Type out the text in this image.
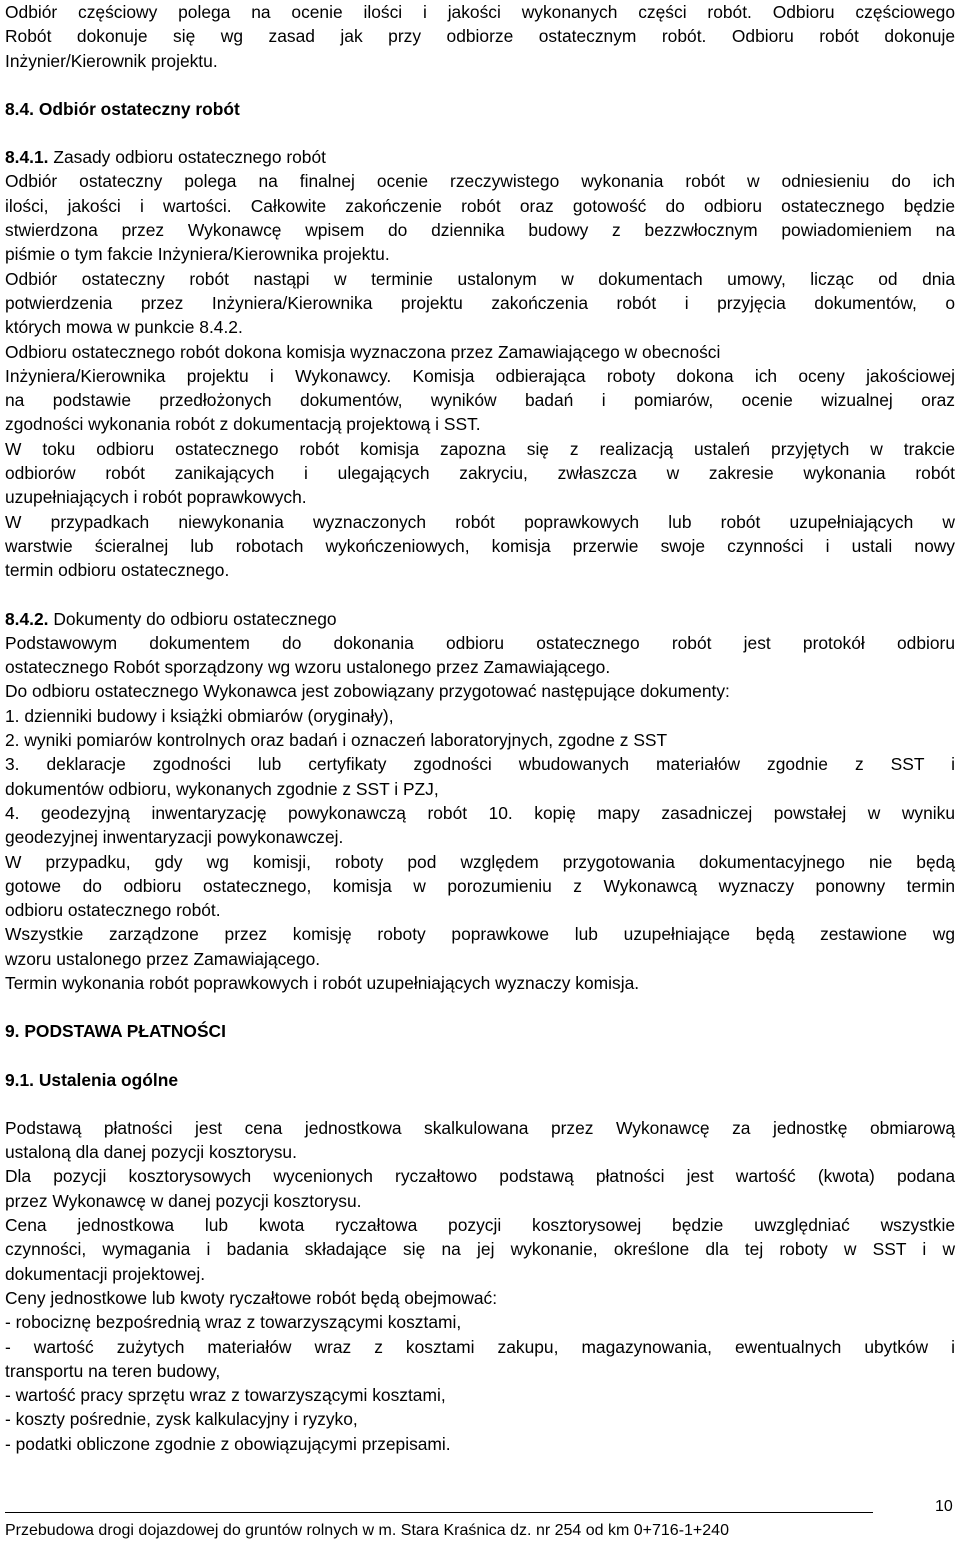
Odbiór częściowy polega na ocenie ilości i jakości wykonanych części robót. Odbioru częściowego

Robót dokonuje się wg zasad jak przy odbiorze ostatecznym robót. Odbioru robót dokonuje

Inżynier/Kierownik projektu.

8.4. Odbiór ostateczny robót

8.4.1. Zasady odbioru ostatecznego robót

Odbiór ostateczny polega na finalnej ocenie rzeczywistego wykonania robót w odniesieniu do ich

ilości, jakości i wartości. Całkowite zakończenie robót oraz gotowość do odbioru ostatecznego będzie

stwierdzona przez Wykonawcę wpisem do dziennika budowy z bezzwłocznym powiadomieniem na

piśmie o tym fakcie Inżyniera/Kierownika projektu.

Odbiór ostateczny robót nastąpi w terminie ustalonym w dokumentach umowy, licząc od dnia

potwierdzenia przez Inżyniera/Kierownika projektu zakończenia robót i przyjęcia dokumentów, o

których mowa w punkcie 8.4.2.

Odbioru ostatecznego robót dokona komisja wyznaczona przez Zamawiającego w obecności

Inżyniera/Kierownika projektu i Wykonawcy. Komisja odbierająca roboty dokona ich oceny jakościowej

na podstawie przedłożonych dokumentów, wyników badań i pomiarów, ocenie wizualnej oraz

zgodności wykonania robót z dokumentacją projektową i SST.

W toku odbioru ostatecznego robót komisja zapozna się z realizacją ustaleń przyjętych w trakcie

odbiorów robót zanikających i ulegających zakryciu, zwłaszcza w zakresie wykonania robót

uzupełniających i robót poprawkowych.

W przypadkach niewykonania wyznaczonych robót poprawkowych lub robót uzupełniających w

warstwie ścieralnej lub robotach wykończeniowych, komisja przerwie swoje czynności i ustali nowy

termin odbioru ostatecznego.

8.4.2. Dokumenty do odbioru ostatecznego

Podstawowym dokumentem do dokonania odbioru ostatecznego robót jest protokół odbioru

ostatecznego Robót sporządzony wg wzoru ustalonego przez Zamawiającego.

Do odbioru ostatecznego Wykonawca jest zobowiązany przygotować następujące dokumenty:

1. dzienniki budowy i książki obmiarów (oryginały),

2. wyniki pomiarów kontrolnych oraz badań i oznaczeń laboratoryjnych, zgodne z SST

3. deklaracje zgodności lub certyfikaty zgodności wbudowanych materiałów zgodnie z SST i

dokumentów odbioru, wykonanych zgodnie z SST i PZJ,

4. geodezyjną inwentaryzację powykonawczą robót 10. kopię mapy zasadniczej powstałej w wyniku

geodezyjnej inwentaryzacji powykonawczej.

W przypadku, gdy wg komisji, roboty pod względem przygotowania dokumentacyjnego nie będą

gotowe do odbioru ostatecznego, komisja w porozumieniu z Wykonawcą wyznaczy ponowny termin

odbioru ostatecznego robót.

Wszystkie zarządzone przez komisję roboty poprawkowe lub uzupełniające będą zestawione wg

wzoru ustalonego przez Zamawiającego.

Termin wykonania robót poprawkowych i robót uzupełniających wyznaczy komisja.

9. PODSTAWA PŁATNOŚCI

9.1. Ustalenia ogólne

Podstawą płatności jest cena jednostkowa skalkulowana przez Wykonawcę za jednostkę obmiarową

ustaloną dla danej pozycji kosztorysu.

Dla pozycji kosztorysowych wycenionych ryczałtowo podstawą płatności jest wartość (kwota) podana

przez Wykonawcę w danej pozycji kosztorysu.

Cena jednostkowa lub kwota ryczałtowa pozycji kosztorysowej będzie uwzględniać wszystkie

czynności, wymagania i badania składające się na jej wykonanie, określone dla tej roboty w SST i w

dokumentacji projektowej.

Ceny jednostkowe lub kwoty ryczałtowe robót będą obejmować:

- robociznę bezpośrednią wraz z towarzyszącymi kosztami,

- wartość zużytych materiałów wraz z kosztami zakupu, magazynowania, ewentualnych ubytków i

transportu na teren budowy,

- wartość pracy sprzętu wraz z towarzyszącymi kosztami,

- koszty pośrednie, zysk kalkulacyjny i ryzyko,

- podatki obliczone zgodnie z obowiązującymi przepisami.

10
Przebudowa drogi dojazdowej do gruntów rolnych w m. Stara Kraśnica dz. nr 254 od km 0+716-1+240
